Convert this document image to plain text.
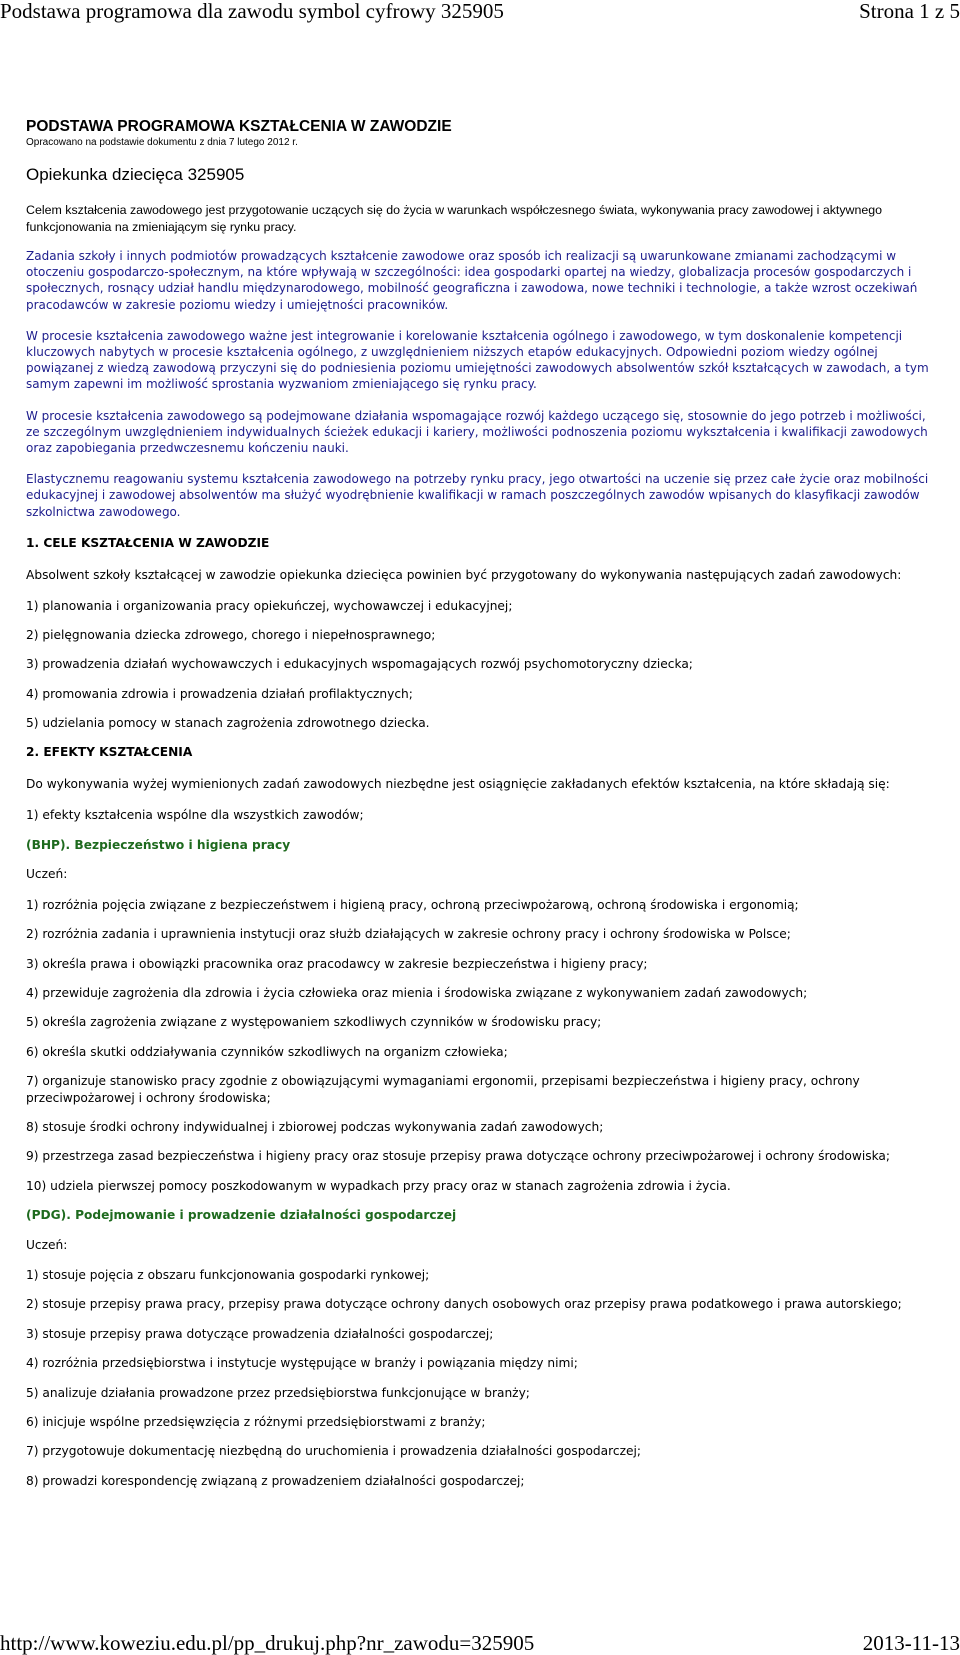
Podstawa programowa dla zawodu symbol cyfrowy 325905	Strona 1 z 5
PODSTAWA PROGRAMOWA KSZTAŁCENIA W ZAWODZIE
Opracowano na podstawie dokumentu z dnia 7 lutego 2012 r.
Opiekunka dziecięca 325905
Celem kształcenia zawodowego jest przygotowanie uczących się do życia w warunkach współczesnego świata, wykonywania pracy zawodowej i aktywnego funkcjonowania na zmieniającym się rynku pracy.
Zadania szkoły i innych podmiotów prowadzących kształcenie zawodowe oraz sposób ich realizacji są uwarunkowane zmianami zachodzącymi w otoczeniu gospodarczo-społecznym, na które wpływają w szczególności: idea gospodarki opartej na wiedzy, globalizacja procesów gospodarczych i społecznych, rosnący udział handlu międzynarodowego, mobilność geograficzna i zawodowa, nowe techniki i technologie, a także wzrost oczekiwań pracodawców w zakresie poziomu wiedzy i umiejętności pracowników.
W procesie kształcenia zawodowego ważne jest integrowanie i korelowanie kształcenia ogólnego i zawodowego, w tym doskonalenie kompetencji kluczowych nabytych w procesie kształcenia ogólnego, z uwzględnieniem niższych etapów edukacyjnych. Odpowiedni poziom wiedzy ogólnej powiązanej z wiedzą zawodową przyczyni się do podniesienia poziomu umiejętności zawodowych absolwentów szkół kształcących w zawodach, a tym samym zapewni im możliwość sprostania wyzwaniom zmieniającego się rynku pracy.
W procesie kształcenia zawodowego są podejmowane działania wspomagające rozwój każdego uczącego się, stosownie do jego potrzeb i możliwości, ze szczególnym uwzględnieniem indywidualnych ścieżek edukacji i kariery, możliwości podnoszenia poziomu wykształcenia i kwalifikacji zawodowych oraz zapobiegania przedwczesnemu kończeniu nauki.
Elastycznemu reagowaniu systemu kształcenia zawodowego na potrzeby rynku pracy, jego otwartości na uczenie się przez całe życie oraz mobilności edukacyjnej i zawodowej absolwentów ma służyć wyodrębnienie kwalifikacji w ramach poszczególnych zawodów wpisanych do klasyfikacji zawodów szkolnictwa zawodowego.
1. CELE KSZTAŁCENIA W ZAWODZIE
Absolwent szkoły kształcącej w zawodzie opiekunka dziecięca powinien być przygotowany do wykonywania następujących zadań zawodowych:
1) planowania i organizowania pracy opiekuńczej, wychowawczej i edukacyjnej;
2) pielęgnowania dziecka zdrowego, chorego i niepełnosprawnego;
3) prowadzenia działań wychowawczych i edukacyjnych wspomagających rozwój psychomotoryczny dziecka;
4) promowania zdrowia i prowadzenia działań profilaktycznych;
5) udzielania pomocy w stanach zagrożenia zdrowotnego dziecka.
2. EFEKTY KSZTAŁCENIA
Do wykonywania wyżej wymienionych zadań zawodowych niezbędne jest osiągnięcie zakładanych efektów kształcenia, na które składają się:
1) efekty kształcenia wspólne dla wszystkich zawodów;
(BHP). Bezpieczeństwo i higiena pracy
Uczeń:
1) rozróżnia pojęcia związane z bezpieczeństwem i higieną pracy, ochroną przeciwpożarową, ochroną środowiska i ergonomią;
2) rozróżnia zadania i uprawnienia instytucji oraz służb działających w zakresie ochrony pracy i ochrony środowiska w Polsce;
3) określa prawa i obowiązki pracownika oraz pracodawcy w zakresie bezpieczeństwa i higieny pracy;
4) przewiduje zagrożenia dla zdrowia i życia człowieka oraz mienia i środowiska związane z wykonywaniem zadań zawodowych;
5) określa zagrożenia związane z występowaniem szkodliwych czynników w środowisku pracy;
6) określa skutki oddziaływania czynników szkodliwych na organizm człowieka;
7) organizuje stanowisko pracy zgodnie z obowiązującymi wymaganiami ergonomii, przepisami bezpieczeństwa i higieny pracy, ochrony przeciwpożarowej i ochrony środowiska;
8) stosuje środki ochrony indywidualnej i zbiorowej podczas wykonywania zadań zawodowych;
9) przestrzega zasad bezpieczeństwa i higieny pracy oraz stosuje przepisy prawa dotyczące ochrony przeciwpożarowej i ochrony środowiska;
10) udziela pierwszej pomocy poszkodowanym w wypadkach przy pracy oraz w stanach zagrożenia zdrowia i życia.
(PDG). Podejmowanie i prowadzenie działalności gospodarczej
Uczeń:
1) stosuje pojęcia z obszaru funkcjonowania gospodarki rynkowej;
2) stosuje przepisy prawa pracy, przepisy prawa dotyczące ochrony danych osobowych oraz przepisy prawa podatkowego i prawa autorskiego;
3) stosuje przepisy prawa dotyczące prowadzenia działalności gospodarczej;
4) rozróżnia przedsiębiorstwa i instytucje występujące w branży i powiązania między nimi;
5) analizuje działania prowadzone przez przedsiębiorstwa funkcjonujące w branży;
6) inicjuje wspólne przedsięwzięcia z różnymi przedsiębiorstwami z branży;
7) przygotowuje dokumentację niezbędną do uruchomienia i prowadzenia działalności gospodarczej;
8) prowadzi korespondencję związaną z prowadzeniem działalności gospodarczej;
http://www.koweziu.edu.pl/pp_drukuj.php?nr_zawodu=325905	2013-11-13
